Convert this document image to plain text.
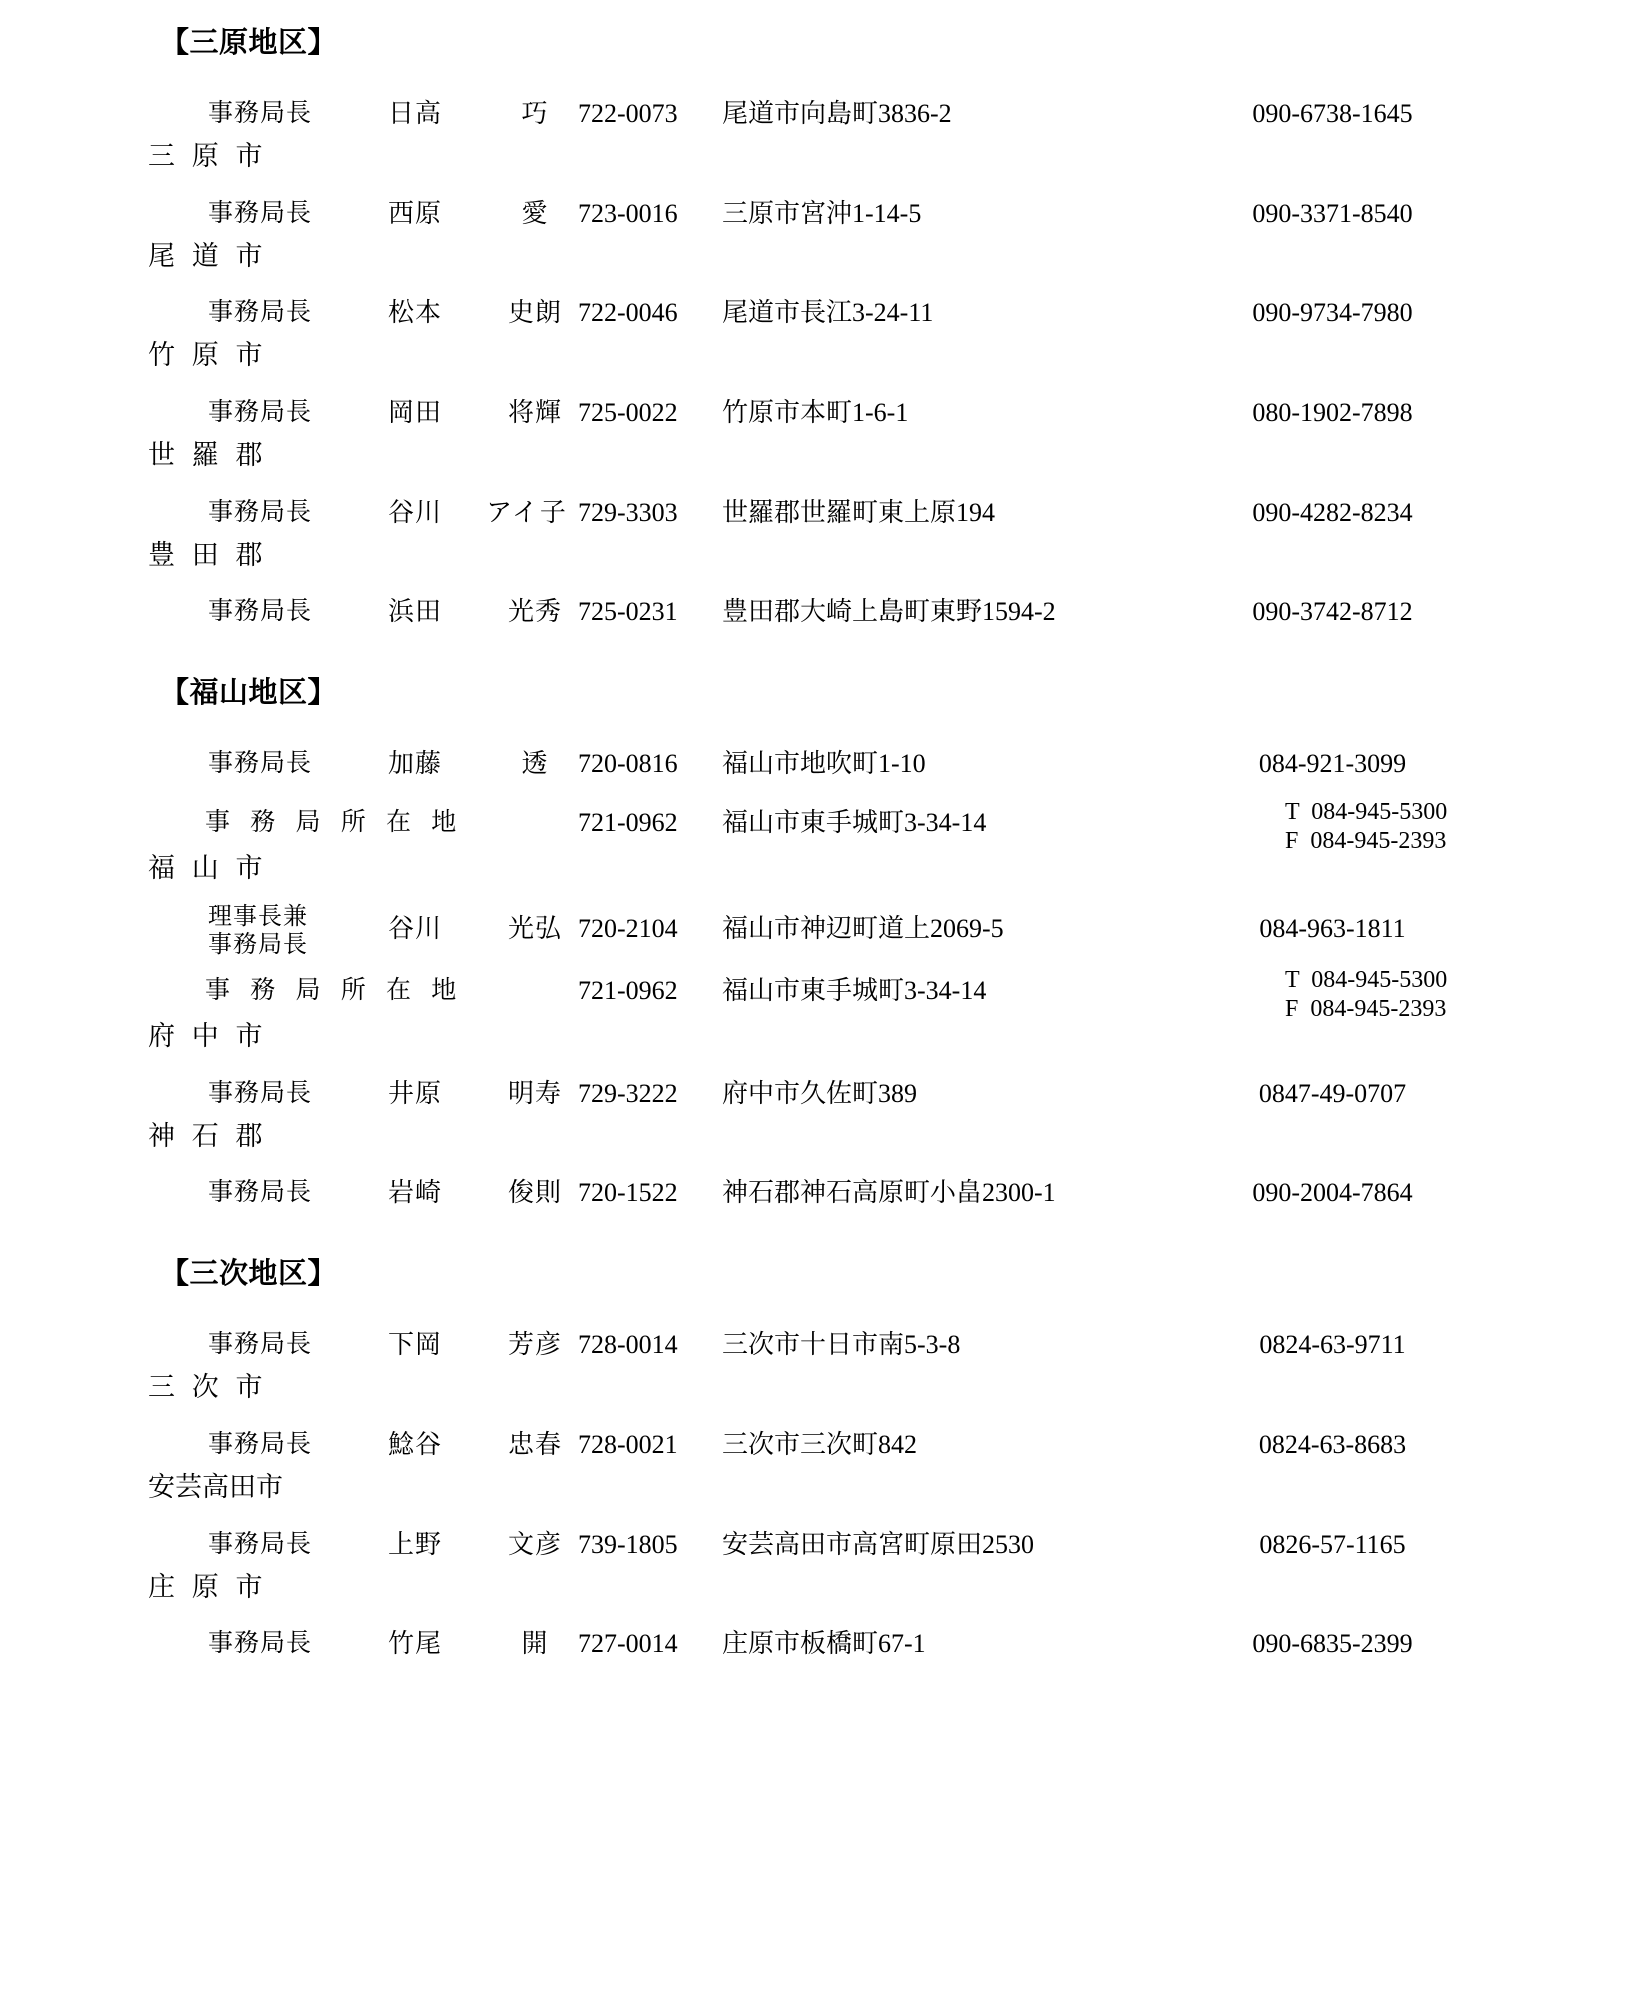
【三原地区】
事務局長	日高	巧	722-0073	尾道市向島町3836-2	090-6738-1645
三 原 市
事務局長	西原	愛	723-0016	三原市宮沖1-14-5	090-3371-8540
尾 道 市
事務局長	松本	史朗 722-0046	尾道市長江3-24-11	090-9734-7980
竹 原 市
事務局長	岡田	将輝 725-0022	竹原市本町1-6-1	080-1902-7898
世 羅 郡
事務局長	谷川	アイ子 729-3303	世羅郡世羅町東上原194	090-4282-8234
豊 田 郡
事務局長	浜田	光秀 725-0231	豊田郡大崎上島町東野1594-2	090-3742-8712
【福山地区】
事務局長	加藤	透	720-0816	福山市地吹町1-10	084-921-3099
事 務 局 所 在 地	721-0962	福山市東手城町3-34-14	T  084-945-5300
F  084-945-2393
福 山 市
理事長兼
事務局長
谷川	光弘 720-2104	福山市神辺町道上2069-5	084-963-1811
事 務 局 所 在 地	721-0962	福山市東手城町3-34-14	T  084-945-5300
F  084-945-2393
府 中 市
事務局長	井原	明寿 729-3222	府中市久佐町389	0847-49-0707
神 石 郡
事務局長	岩崎	俊則 720-1522	神石郡神石高原町小畠2300-1	090-2004-7864
【三次地区】
事務局長	下岡	芳彦 728-0014	三次市十日市南5-3-8	0824-63-9711
三 次 市
事務局長	鯰谷	忠春 728-0021	三次市三次町842	0824-63-8683
安芸高田市
事務局長	上野	文彦 739-1805	安芸高田市高宮町原田2530	0826-57-1165
庄 原 市
事務局長	竹尾	開	727-0014	庄原市板橋町67-1	090-6835-2399
